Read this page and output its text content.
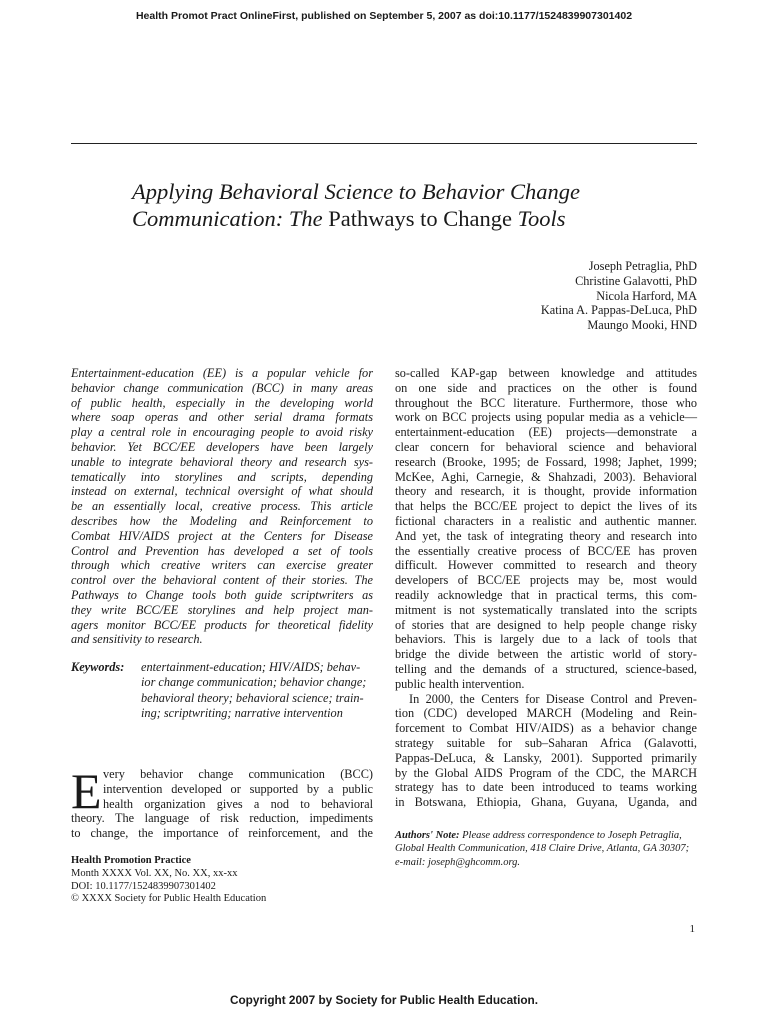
Health Promot Pract OnlineFirst, published on September 5, 2007 as doi:10.1177/1524839907301402
Applying Behavioral Science to Behavior Change
Communication: The Pathways to Change Tools
Joseph Petraglia, PhD
Christine Galavotti, PhD
Nicola Harford, MA
Katina A. Pappas-DeLuca, PhD
Maungo Mooki, HND
Entertainment-education (EE) is a popular vehicle for
behavior change communication (BCC) in many areas
of public health, especially in the developing world
where soap operas and other serial drama formats
play a central role in encouraging people to avoid risky
behavior. Yet BCC/EE developers have been largely
unable to integrate behavioral theory and research sys-
tematically into storylines and scripts, depending
instead on external, technical oversight of what should
be an essentially local, creative process. This article
describes how the Modeling and Reinforcement to
Combat HIV/AIDS project at the Centers for Disease
Control and Prevention has developed a set of tools
through which creative writers can exercise greater
control over the behavioral content of their stories. The
Pathways to Change tools both guide scriptwriters as
they write BCC/EE storylines and help project man-
agers monitor BCC/EE products for theoretical fidelity
and sensitivity to research.
Keywords: entertainment-education; HIV/AIDS; behav-
ior change communication; behavior change;
behavioral theory; behavioral science; train-
ing; scriptwriting; narrative intervention
E very behavior change communication (BCC)
intervention developed or supported by a public
health organization gives a nod to behavioral
theory. The language of risk reduction, impediments
to change, the importance of reinforcement, and the
Health Promotion Practice
Month XXXX Vol. XX, No. XX, xx-xx
DOI: 10.1177/1524839907301402
© XXXX Society for Public Health Education
so-called KAP-gap between knowledge and attitudes
on one side and practices on the other is found
throughout the BCC literature. Furthermore, those who
work on BCC projects using popular media as a vehicle—
entertainment-education (EE) projects—demonstrate a
clear concern for behavioral science and behavioral
research (Brooke, 1995; de Fossard, 1998; Japhet, 1999;
McKee, Aghi, Carnegie, & Shahzadi, 2003). Behavioral
theory and research, it is thought, provide information
that helps the BCC/EE project to depict the lives of its
fictional characters in a realistic and authentic manner.
And yet, the task of integrating theory and research into
the essentially creative process of BCC/EE has proven
difficult. However committed to research and theory
developers of BCC/EE projects may be, most would
readily acknowledge that in practical terms, this com-
mitment is not systematically translated into the scripts
of stories that are designed to help people change risky
behaviors. This is largely due to a lack of tools that
bridge the divide between the artistic world of story-
telling and the demands of a structured, science-based,
public health intervention.
In 2000, the Centers for Disease Control and Preven-
tion (CDC) developed MARCH (Modeling and Rein-
forcement to Combat HIV/AIDS) as a behavior change
strategy suitable for sub–Saharan Africa (Galavotti,
Pappas-DeLuca, & Lansky, 2001). Supported primarily
by the Global AIDS Program of the CDC, the MARCH
strategy has to date been introduced to teams working
in Botswana, Ethiopia, Ghana, Guyana, Uganda, and
Authors' Note: Please address correspondence to Joseph Petraglia, Global Health Communication, 418 Claire Drive, Atlanta, GA 30307; e-mail: joseph@ghcomm.org.
1
Copyright 2007 by Society for Public Health Education.
